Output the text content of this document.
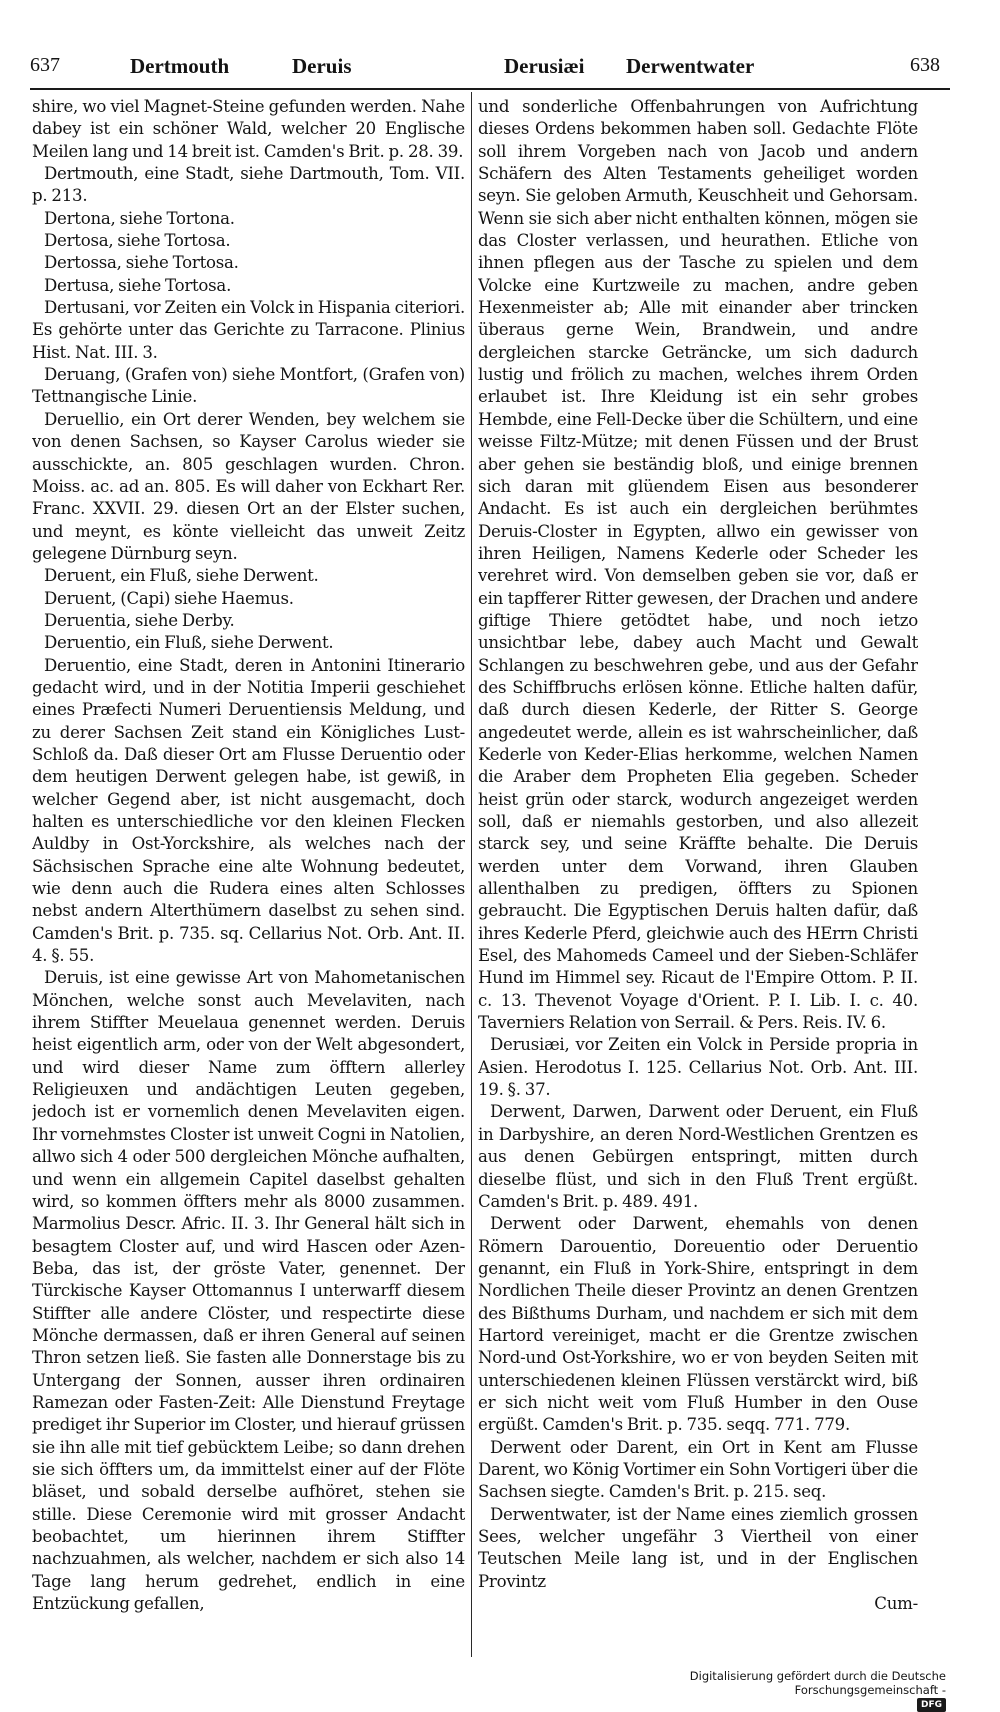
637	Dertmouth	Deruis	Derusiæi Derwentwater	638

shire, wo viel Magnet-Steine gefunden werden. Nahe dabey ist ein schöner Wald, welcher 20 Englische Meilen lang und 14 breit ist. Camden's Brit. p. 28. 39.

Dertmouth, eine Stadt, siehe Dartmouth, Tom. VII. p. 213.

Dertona, siehe Tortona.

Dertosa, siehe Tortosa.

Dertossa, siehe Tortosa.

Dertusa, siehe Tortosa.

Dertusani, vor Zeiten ein Volck in Hispania citeriori. Es gehörte unter das Gerichte zu Tarracone. Plinius Hist. Nat. III. 3.

Deruang, (Grafen von) siehe Montfort, (Grafen von) Tettnangische Linie.

Deruellio, ein Ort derer Wenden, bey welchem sie von denen Sachsen, so Kayser Carolus wieder sie ausschickte, an. 805 geschlagen wurden. Chron. Moiss. ac. ad an. 805. Es will daher von Eckhart Rer. Franc. XXVII. 29. diesen Ort an der Elster suchen, und meynt, es könte vielleicht das unweit Zeitz gelegene Dürnburg seyn.

Deruent, ein Fluß, siehe Derwent.

Deruent, (Capi) siehe Haemus.

Deruentia, siehe Derby.

Deruentio, ein Fluß, siehe Derwent.

Deruentio, eine Stadt, deren in Antonini Itinerario gedacht wird, und in der Notitia Imperii geschiehet eines Præfecti Numeri Deruentiensis Meldung, und zu derer Sachsen Zeit stand ein Königliches Lust-Schloß da. Daß dieser Ort am Flusse Deruentio oder dem heutigen Derwent gelegen habe, ist gewiß, in welcher Gegend aber, ist nicht ausgemacht, doch halten es unterschiedliche vor den kleinen Flecken Auldby in Ost-Yorckshire, als welches nach der Sächsischen Sprache eine alte Wohnung bedeutet, wie denn auch die Rudera eines alten Schlosses nebst andern Alterthümern daselbst zu sehen sind. Camden's Brit. p. 735. sq. Cellarius Not. Orb. Ant. II. 4. §. 55.

Deruis, ist eine gewisse Art von Mahometanischen Mönchen, welche sonst auch Mevelaviten, nach ihrem Stiffter Meuelaua genennet werden. Deruis heist eigentlich arm, oder von der Welt abgesondert, und wird dieser Name zum öfftern allerley Religieuxen und andächtigen Leuten gegeben, jedoch ist er vornemlich denen Mevelaviten eigen. Ihr vornehmstes Closter ist unweit Cogni in Natolien, allwo sich 4 oder 500 dergleichen Mönche aufhalten, und wenn ein allgemein Capitel daselbst gehalten wird, so kommen öffters mehr als 8000 zusammen. Marmolius Descr. Afric. II. 3. Ihr General hält sich in besagtem Closter auf, und wird Hascen oder Azen-Beba, das ist, der gröste Vater, genennet. Der Türckische Kayser Ottomannus I unterwarff diesem Stiffter alle andere Clöster, und respectirte diese Mönche dermassen, daß er ihren General auf seinen Thron setzen ließ. Sie fasten alle Donnerstage bis zu Untergang der Sonnen, ausser ihren ordinairen Ramezan oder Fasten-Zeit: Alle Dienstund Freytage prediget ihr Superior im Closter, und hierauf grüssen sie ihn alle mit tief gebücktem Leibe; so dann drehen sie sich öffters um, da immittelst einer auf der Flöte bläset, und sobald derselbe aufhöret, stehen sie stille. Diese Ceremonie wird mit grosser Andacht beobachtet, um hierinnen ihrem Stiffter nachzuahmen, als welcher, nachdem er sich also 14 Tage lang herum gedrehet, endlich in eine Entzückung gefallen,

und sonderliche Offenbahrungen von Aufrichtung dieses Ordens bekommen haben soll. Gedachte Flöte soll ihrem Vorgeben nach von Jacob und andern Schäfern des Alten Testaments geheiliget worden seyn. Sie geloben Armuth, Keuschheit und Gehorsam. Wenn sie sich aber nicht enthalten können, mögen sie das Closter verlassen, und heurathen. Etliche von ihnen pflegen aus der Tasche zu spielen und dem Volcke eine Kurtzweile zu machen, andre geben Hexenmeister ab; Alle mit einander aber trincken überaus gerne Wein, Brandwein, und andre dergleichen starcke Geträncke, um sich dadurch lustig und frölich zu machen, welches ihrem Orden erlaubet ist. Ihre Kleidung ist ein sehr grobes Hembde, eine Fell-Decke über die Schültern, und eine weisse Filtz-Mütze; mit denen Füssen und der Brust aber gehen sie beständig bloß, und einige brennen sich daran mit glüendem Eisen aus besonderer Andacht. Es ist auch ein dergleichen berühmtes Deruis-Closter in Egypten, allwo ein gewisser von ihren Heiligen, Namens Kederle oder Scheder les verehret wird. Von demselben geben sie vor, daß er ein tapfferer Ritter gewesen, der Drachen und andere giftige Thiere getödtet habe, und noch ietzo unsichtbar lebe, dabey auch Macht und Gewalt Schlangen zu beschwehren gebe, und aus der Gefahr des Schiffbruchs erlösen könne. Etliche halten dafür, daß durch diesen Kederle, der Ritter S. George angedeutet werde, allein es ist wahrscheinlicher, daß Kederle von Keder-Elias herkomme, welchen Namen die Araber dem Propheten Elia gegeben. Scheder heist grün oder starck, wodurch angezeiget werden soll, daß er niemahls gestorben, und also allezeit starck sey, und seine Kräffte behalte. Die Deruis werden unter dem Vorwand, ihren Glauben allenthalben zu predigen, öffters zu Spionen gebraucht. Die Egyptischen Deruis halten dafür, daß ihres Kederle Pferd, gleichwie auch des HErrn Christi Esel, des Mahomeds Cameel und der Sieben-Schläfer Hund im Himmel sey. Ricaut de l'Empire Ottom. P. II. c. 13. Thevenot Voyage d'Orient. P. I. Lib. I. c. 40. Taverniers Relation von Serrail. & Pers. Reis. IV. 6.

Derusiæi, vor Zeiten ein Volck in Perside propria in Asien. Herodotus I. 125. Cellarius Not. Orb. Ant. III. 19. §. 37.

Derwent, Darwen, Darwent oder Deruent, ein Fluß in Darbyshire, an deren Nord-Westlichen Grentzen es aus denen Gebürgen entspringt, mitten durch dieselbe flüst, und sich in den Fluß Trent ergüßt. Camden's Brit. p. 489. 491.

Derwent oder Darwent, ehemahls von denen Römern Darouentio, Doreuentio oder Deruentio genannt, ein Fluß in York-Shire, entspringt in dem Nordlichen Theile dieser Provintz an denen Grentzen des Bißthums Durham, und nachdem er sich mit dem Hartord vereiniget, macht er die Grentze zwischen Nord-und Ost-Yorkshire, wo er von beyden Seiten mit unterschiedenen kleinen Flüssen verstärckt wird, biß er sich nicht weit vom Fluß Humber in den Ouse ergüßt. Camden's Brit. p. 735. seqq. 771. 779.

Derwent oder Darent, ein Ort in Kent am Flusse Darent, wo König Vortimer ein Sohn Vortigeri über die Sachsen siegte. Camden's Brit. p. 215. seq.

Derwentwater, ist der Name eines ziemlich grossen Sees, welcher ungefähr 3 Viertheil von einer Teutschen Meile lang ist, und in der Englischen Provintz

Cum-

Digitalisierung gefördert durch die Deutsche Forschungsgemeinschaft -DFG
